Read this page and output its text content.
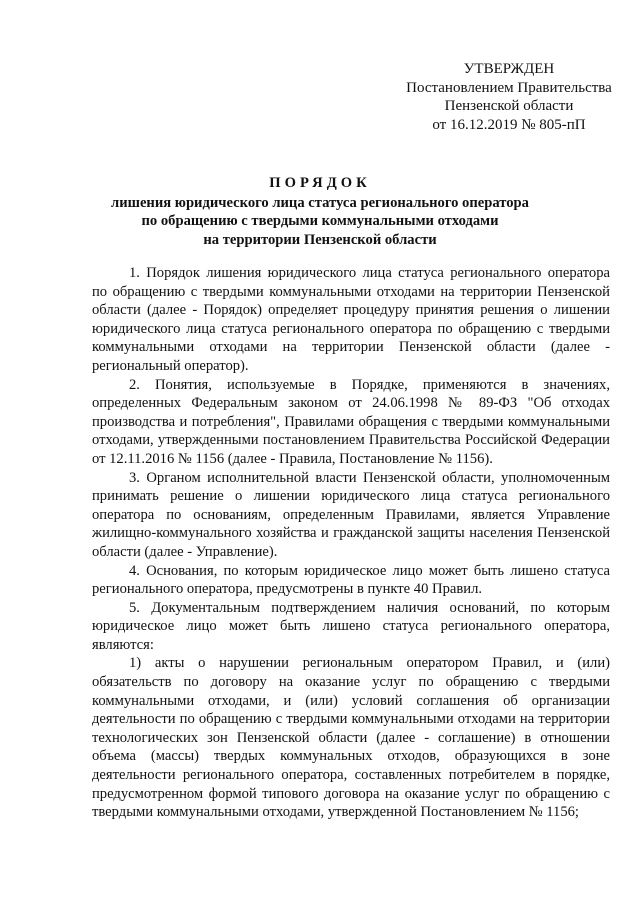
УТВЕРЖДЕН
Постановлением Правительства
Пензенской области
от 16.12.2019 № 805-пП
ПОРЯДОК
лишения юридического лица статуса регионального оператора
по обращению с твердыми коммунальными отходами
на территории Пензенской области

1. Порядок лишения юридического лица статуса регионального оператора по обращению с твердыми коммунальными отходами на территории Пензенской области (далее - Порядок) определяет процедуру принятия решения о лишении юридического лица статуса регионального оператора по обращению с твердыми коммунальными отходами на территории Пензенской области (далее - региональный оператор).

2. Понятия, используемые в Порядке, применяются в значениях, определенных Федеральным законом от 24.06.1998 № 89-ФЗ "Об отходах производства и потребления", Правилами обращения с твердыми коммунальными отходами, утвержденными постановлением Правительства Российской Федерации от 12.11.2016 № 1156 (далее - Правила, Постановление № 1156).

3. Органом исполнительной власти Пензенской области, уполномоченным принимать решение о лишении юридического лица статуса регионального оператора по основаниям, определенным Правилами, является Управление жилищно-коммунального хозяйства и гражданской защиты населения Пензенской области (далее - Управление).

4. Основания, по которым юридическое лицо может быть лишено статуса регионального оператора, предусмотрены в пункте 40 Правил.

5. Документальным подтверждением наличия оснований, по которым юридическое лицо может быть лишено статуса регионального оператора, являются:

1) акты о нарушении региональным оператором Правил, и (или) обязательств по договору на оказание услуг по обращению с твердыми коммунальными отходами, и (или) условий соглашения об организации деятельности по обращению с твердыми коммунальными отходами на территории технологических зон Пензенской области (далее - соглашение) в отношении объема (массы) твердых коммунальных отходов, образующихся в зоне деятельности регионального оператора, составленных потребителем в порядке, предусмотренном формой типового договора на оказание услуг по обращению с твердыми коммунальными отходами, утвержденной Постановлением № 1156;
